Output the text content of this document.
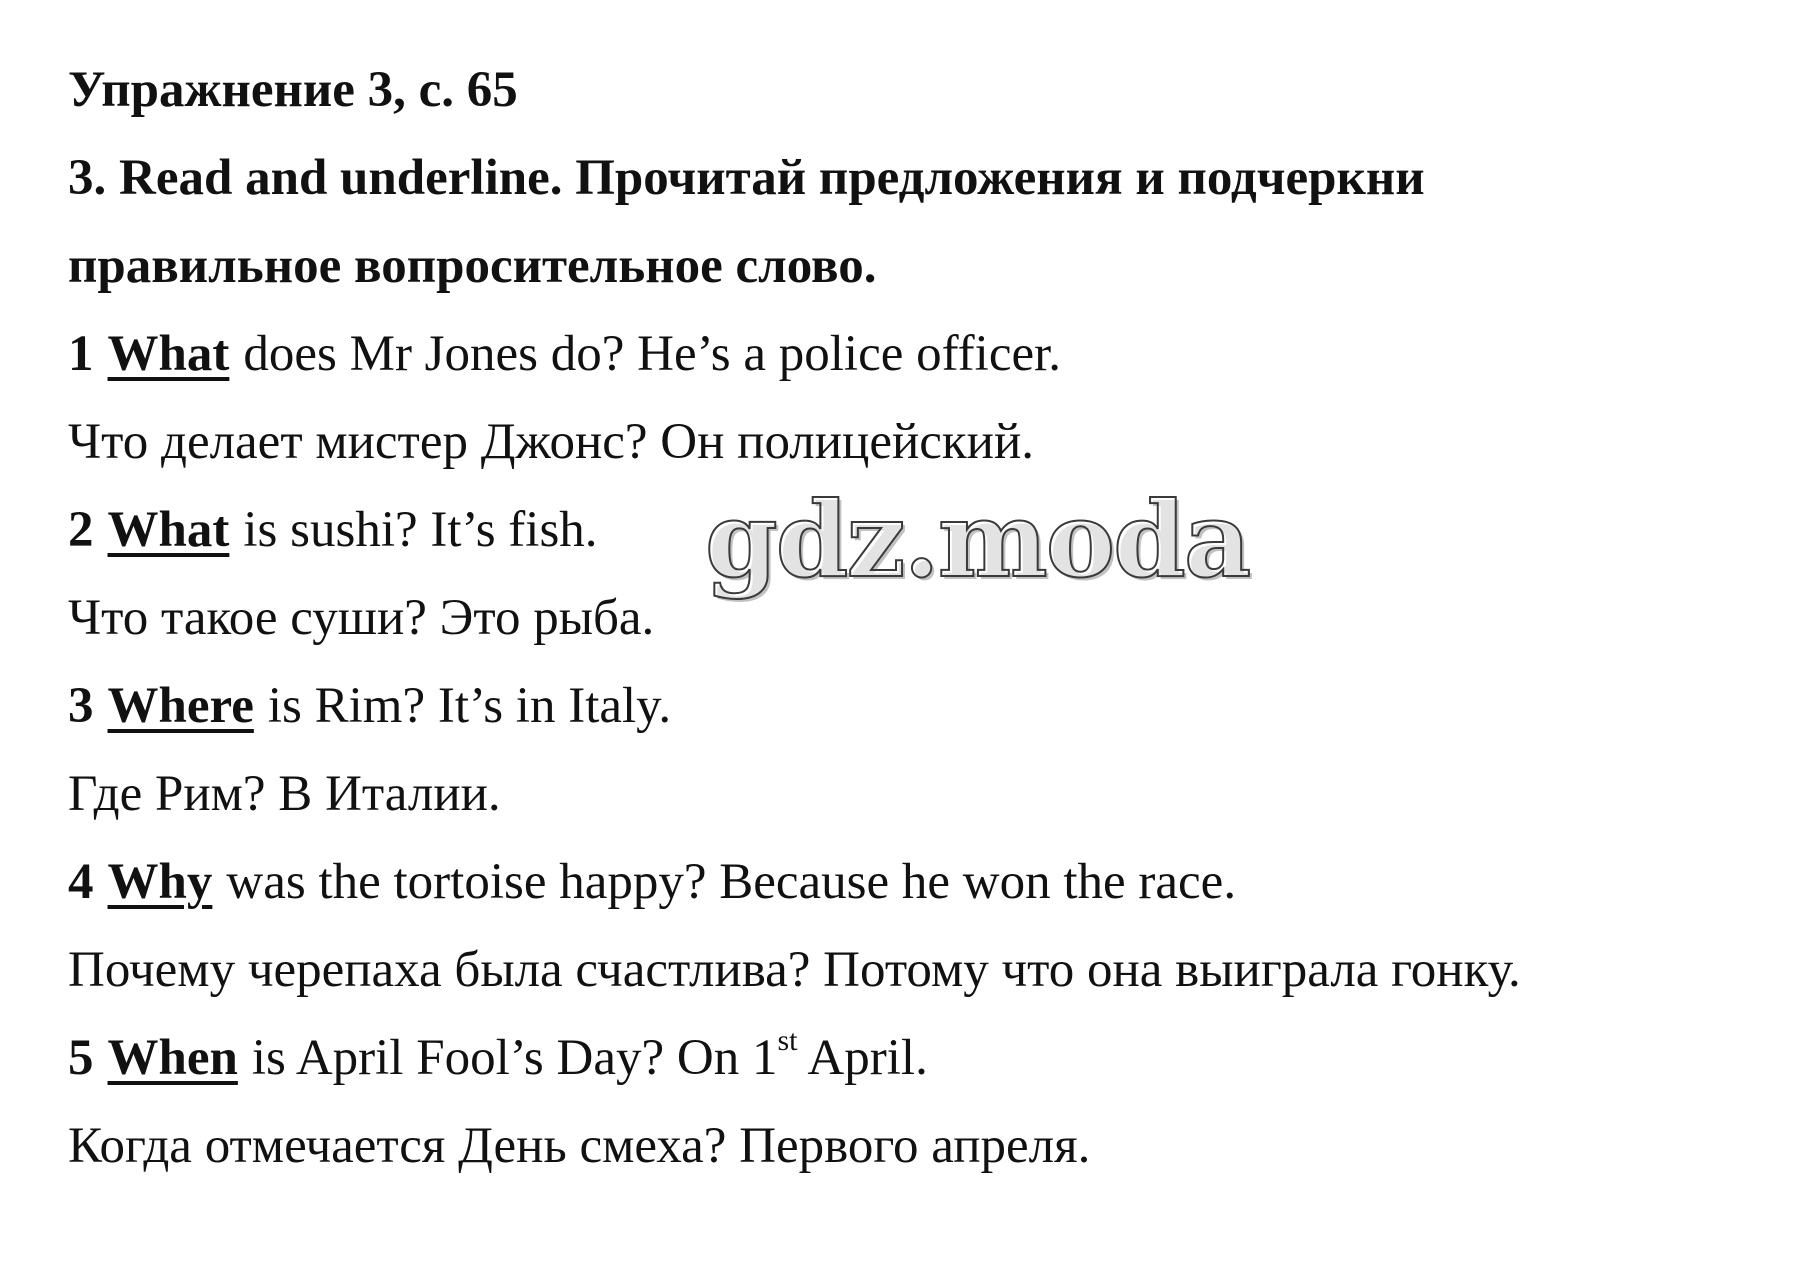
Упражнение 3, с. 65
3. Read and underline. Прочитай предложения и подчеркни
правильное вопросительное слово.
1 What does Mr Jones do? He’s a police officer.
Что делает мистер Джонс? Он полицейский.
2 What is sushi? It’s fish.
Что такое суши? Это рыба.
3 Where is Rim? It’s in Italy.
Где Рим? В Италии.
4 Why was the tortoise happy? Because he won the race.
Почему черепаха была счастлива? Потому что она выиграла гонку.
5 When is April Fool’s Day? On 1st April.
Когда отмечается День смеха? Первого апреля.
gdz.moda
